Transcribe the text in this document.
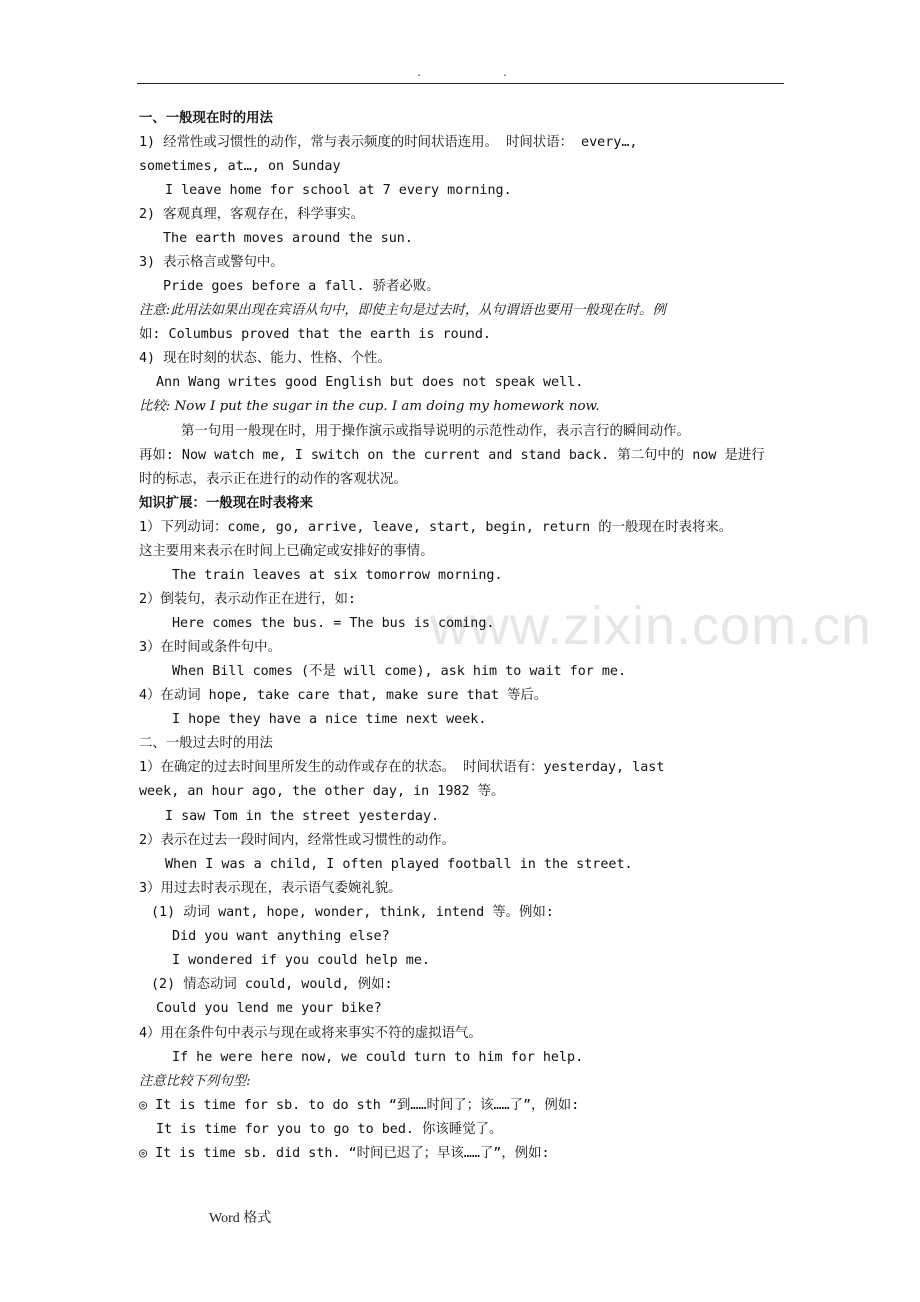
.	.
www.zixin.com.cn
一、一般现在时的用法
1) 经常性或习惯性的动作，常与表示频度的时间状语连用。 时间状语： every…,
sometimes, at…, on Sunday
I leave home for school at 7 every morning.
2) 客观真理，客观存在，科学事实。
The earth moves around the sun.
3) 表示格言或警句中。
Pride goes before a fall. 骄者必败。
注意:此用法如果出现在宾语从句中，即使主句是过去时，从句谓语也要用一般现在时。例
如: Columbus proved that the earth is round.
4) 现在时刻的状态、能力、性格、个性。
Ann Wang writes good English but does not speak well.
比较: Now I put the sugar in the cup. I am doing my homework now.
第一句用一般现在时，用于操作演示或指导说明的示范性动作，表示言行的瞬间动作。
再如: Now watch me, I switch on the current and stand back. 第二句中的 now 是进行
时的标志，表示正在进行的动作的客观状况。
知识扩展：一般现在时表将来
1）下列动词：come, go, arrive, leave, start, begin, return 的一般现在时表将来。
这主要用来表示在时间上已确定或安排好的事情。
The train leaves at six tomorrow morning.
2）倒装句，表示动作正在进行，如:
Here comes the bus. = The bus is coming.
3）在时间或条件句中。
When Bill comes (不是 will come), ask him to wait for me.
4）在动词 hope, take care that, make sure that 等后。
I hope they have a nice time next week.
二、一般过去时的用法
1）在确定的过去时间里所发生的动作或存在的状态。 时间状语有：yesterday, last
week, an hour ago, the other day, in 1982 等。
I saw Tom in the street yesterday.
2）表示在过去一段时间内，经常性或习惯性的动作。
When I was a child, I often played football in the street.
3）用过去时表示现在，表示语气委婉礼貌。
(1) 动词 want, hope, wonder, think, intend 等。例如:
Did you want anything else?
I wondered if you could help me.
(2) 情态动词 could, would, 例如:
Could you lend me your bike?
4）用在条件句中表示与现在或将来事实不符的虚拟语气。
If he were here now, we could turn to him for help.
注意比较下列句型:
◎ It is time for sb. to do sth “到……时间了；该……了”，例如:
It is time for you to go to bed. 你该睡觉了。
◎ It is time sb. did sth. “时间已迟了；早该……了”，例如:
Word 格式
